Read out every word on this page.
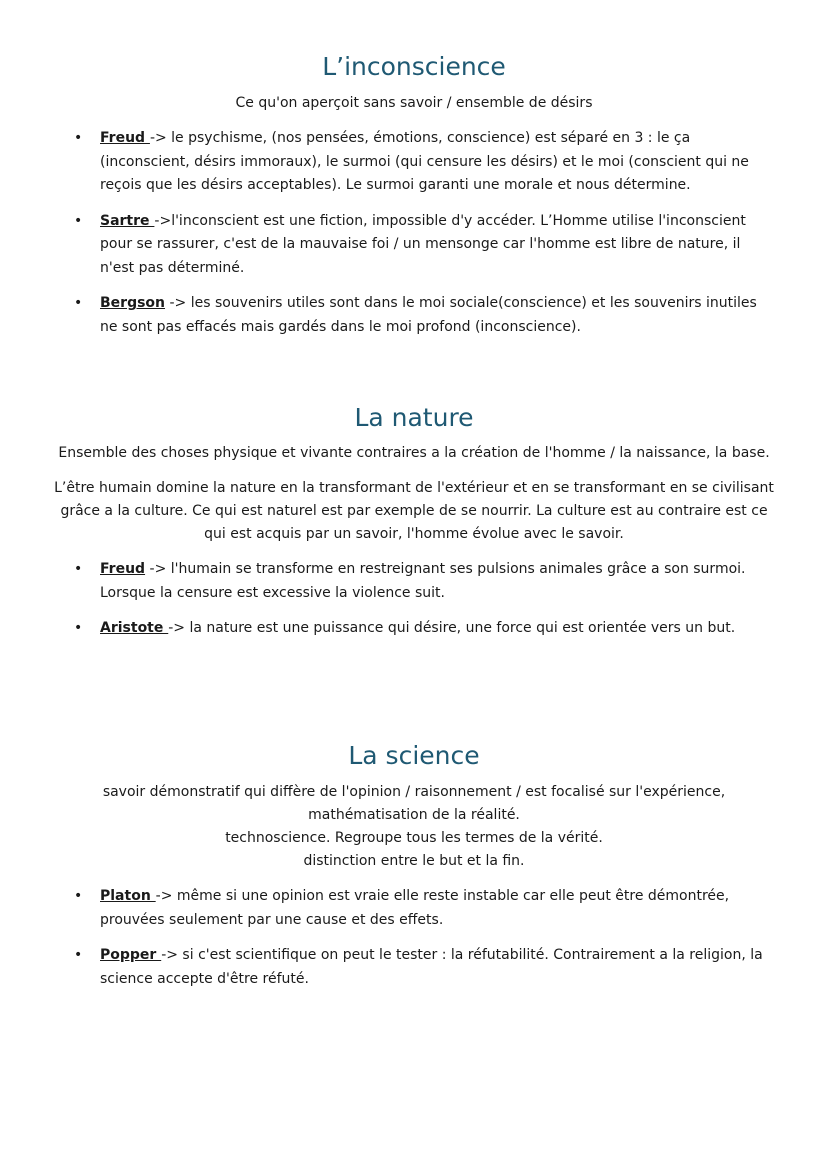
L’inconscience

Ce qu'on aperçoit sans savoir / ensemble de désirs

• Freud -> le psychisme, (nos pensées, émotions, conscience) est séparé en 3 : le ça (inconscient, désirs immoraux), le surmoi (qui censure les désirs) et le moi (conscient qui ne reçois que les désirs acceptables). Le surmoi garanti une morale et nous détermine.
• Sartre ->l'inconscient est une fiction, impossible d'y accéder. L’Homme utilise l'inconscient pour se rassurer, c'est de la mauvaise foi / un mensonge car l'homme est libre de nature, il n'est pas déterminé.
• Bergson -> les souvenirs utiles sont dans le moi sociale(conscience) et les souvenirs inutiles ne sont pas effacés mais gardés dans le moi profond (inconscience).
La nature

Ensemble des choses physique et vivante contraires a la création de l'homme / la naissance, la base.

L’être humain domine la nature en la transformant de l'extérieur et en se transformant en se civilisant grâce a la culture. Ce qui est naturel est par exemple de se nourrir. La culture est au contraire est ce qui est acquis par un savoir, l'homme évolue avec le savoir.

• Freud -> l'humain se transforme en restreignant ses pulsions animales grâce a son surmoi. Lorsque la censure est excessive la violence suit.
• Aristote -> la nature est une puissance qui désire, une force qui est orientée vers un but.
La science

savoir démonstratif qui diffère de l'opinion / raisonnement / est focalisé sur l'expérience,

mathématisation de la réalité.

technoscience. Regroupe tous les termes de la vérité.

distinction entre le but et la fin.

• Platon -> même si une opinion est vraie elle reste instable car elle peut être démontrée, prouvées seulement par une cause et des effets.
• Popper -> si c'est scientifique on peut le tester : la réfutabilité. Contrairement a la religion, la science accepte d'être réfuté.
